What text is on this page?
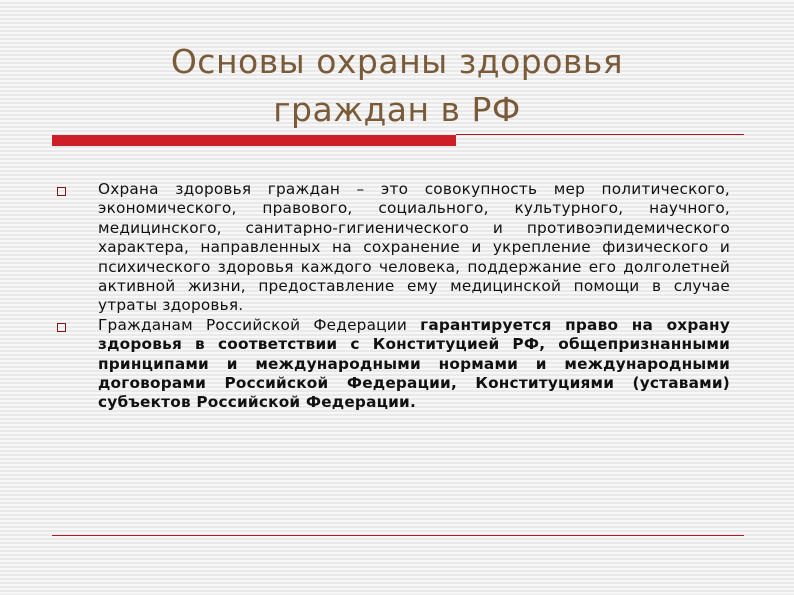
Основы охраны здоровья
граждан в РФ

Охрана здоровья граждан – это совокупность мер политического, экономического, правового, социального, культурного, научного, медицинского, санитарно-гигиенического и противоэпидемического характера, направленных на сохранение и укрепление физического и психического здоровья каждого человека, поддержание его долголетней активной жизни, предоставление ему медицинской помощи в случае утраты здоровья.

Гражданам Российской Федерации гарантируется право на охрану здоровья в соответствии с Конституцией РФ, общепризнанными принципами и международными нормами и международными договорами Российской Федерации, Конституциями (уставами) субъектов Российской Федерации.
